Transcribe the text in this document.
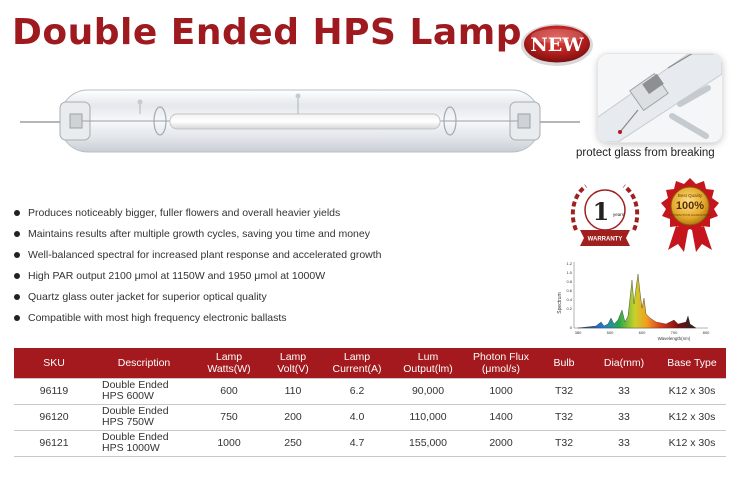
Double Ended HPS Lamp NEW
protect glass from breaking
1 years
WARRANTY
Best Quality
100%
SATISFACTION GUARANTEED
Produces noticeably bigger, fuller flowers and overall heavier yields
Maintains results after multiple growth cycles, saving you time and money
Well-balanced spectral for increased plant response and accelerated growth
High PAR output 2100 μmol at 1150W and 1950 μmol at 1000W
Quartz glass outer jacket for superior optical quality
Compatible with most high frequency electronic ballasts
Spectrum
1.2
1.0
0.8
0.6
0.4
0.2
0
380	500	600	700	800
Wavelength(nm)
SKU	Description	Lamp Watts(W)	Lamp Volt(V)	Lamp Current(A)	Lum Output(lm)	Photon Flux (μmol/s)	Bulb	Dia(mm)	Base Type
96119	Double Ended HPS 600W	600	110	6.2	90,000	1000	T32	33	K12 x 30s
96120	Double Ended HPS 750W	750	200	4.0	110,000	1400	T32	33	K12 x 30s
96121	Double Ended HPS 1000W	1000	250	4.7	155,000	2000	T32	33	K12 x 30s
